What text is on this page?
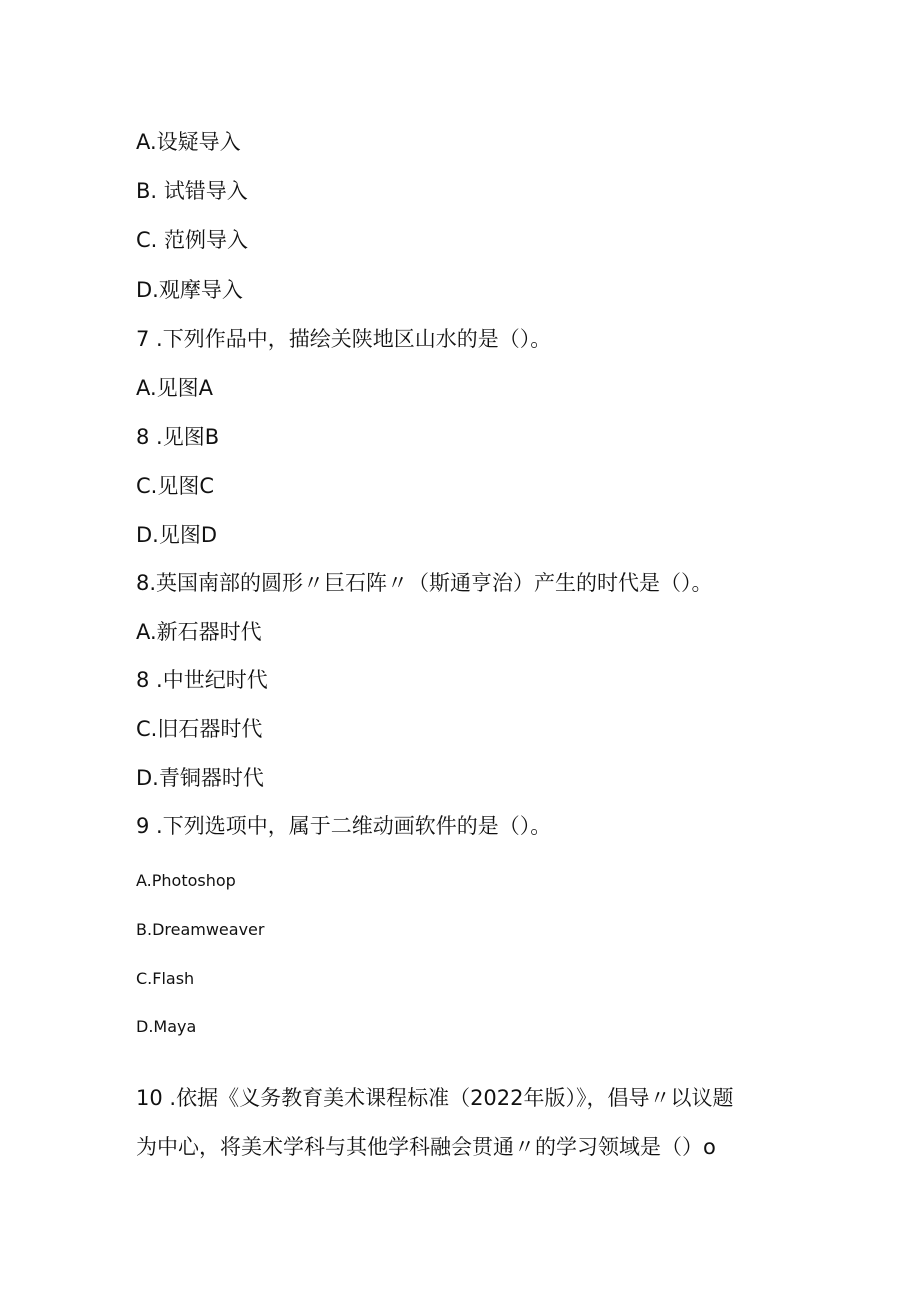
A.设疑导入
B. 试错导入
C. 范例导入
D.观摩导入
7 .下列作品中，描绘关陕地区山水的是（）。
A.见图A
8 .见图B
C.见图C
D.见图D
8.英国南部的圆形〃巨石阵〃（斯通亨治）产生的时代是（）。
A.新石器时代
8 .中世纪时代
C.旧石器时代
D.青铜器时代
9 .下列选项中，属于二维动画软件的是（）。
A.Photoshop
B.Dreamweaver
C.Flash
D.Maya
10 .依据《义务教育美术课程标准（2022年版）》，倡导〃以议题
为中心，将美术学科与其他学科融会贯通〃的学习领域是（）o
